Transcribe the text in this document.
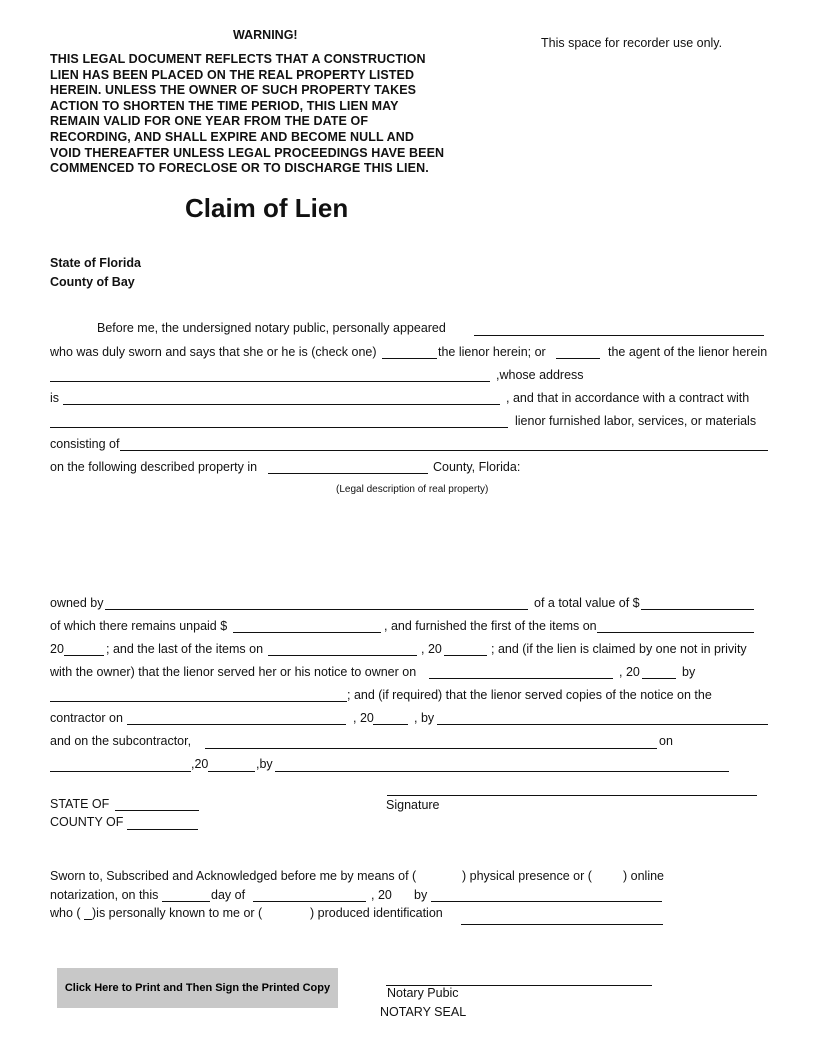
WARNING!
THIS LEGAL DOCUMENT REFLECTS THAT A CONSTRUCTION
LIEN HAS BEEN PLACED ON THE REAL PROPERTY LISTED
HEREIN. UNLESS THE OWNER OF SUCH PROPERTY TAKES
ACTION TO SHORTEN THE TIME PERIOD, THIS LIEN MAY
REMAIN VALID FOR ONE YEAR FROM THE DATE OF
RECORDING, AND SHALL EXPIRE AND BECOME NULL AND
VOID THEREAFTER UNLESS LEGAL PROCEEDINGS HAVE BEEN
COMMENCED TO FORECLOSE OR TO DISCHARGE THIS LIEN.
This space for recorder use only.
Claim of Lien
State of Florida
County of Bay
Before me, the undersigned notary public, personally appeared
who was duly sworn and says that she or he is (check one)	the lienor herein; or	the agent of the lienor herein
,whose address
is	, and that in accordance with a contract with
lienor furnished labor, services, or materials
consisting of
on the following described property in	County, Florida:
(Legal description of real property)
owned by	of a total value of $
of which there remains unpaid $	, and furnished the first of the items on
20	; and the last of the items on	, 20	; and (if the lien is claimed by one not in privity
with the owner) that the lienor served her or his notice to owner on	, 20	by
; and (if required) that the lienor served copies of the notice on the
contractor on	, 20	, by
and on the subcontractor,	on
,20	,by
STATE OF
COUNTY OF
Signature
Sworn to, Subscribed and Acknowledged before me by means of (	) physical presence or ( ) online
notarization, on this	day of	, 20 by
who ( )is personally known to me or (	) produced identification
Notary Pubic
NOTARY SEAL
Click Here to Print and Then Sign the Printed Copy
